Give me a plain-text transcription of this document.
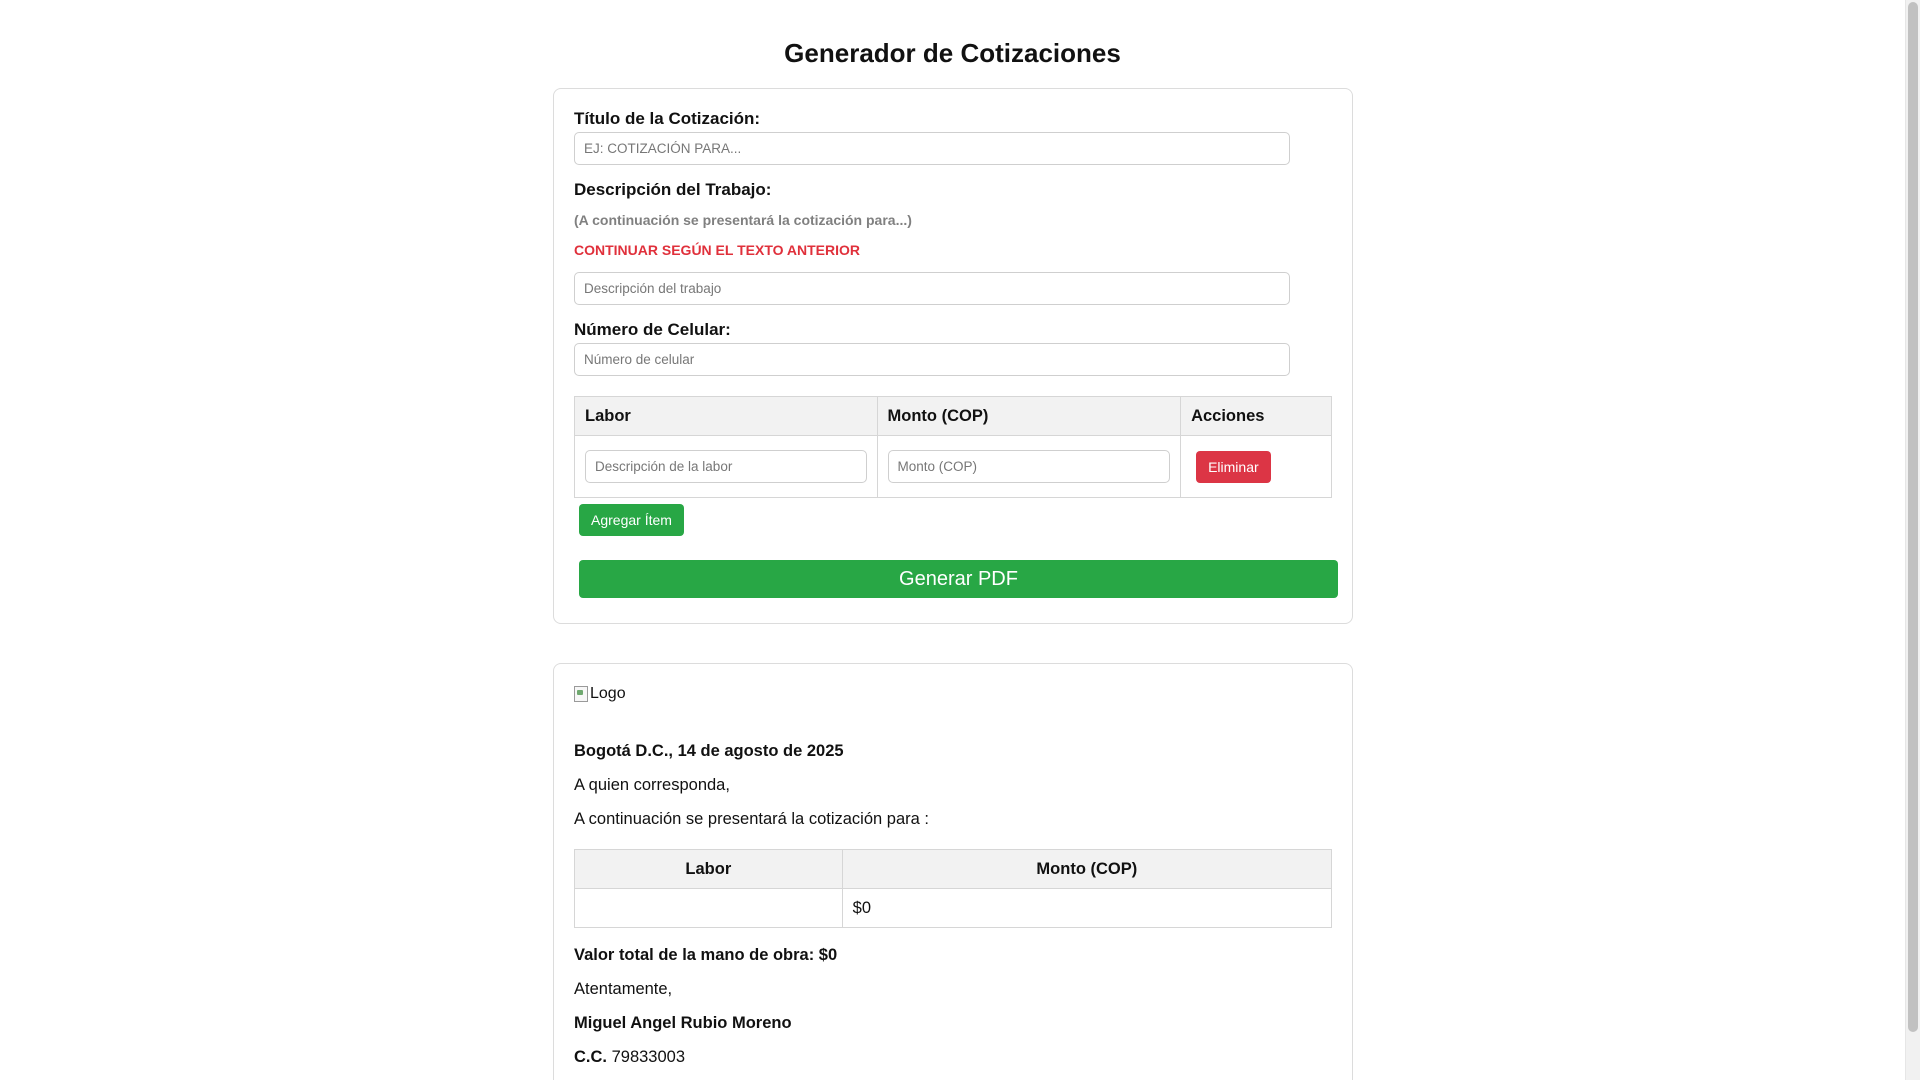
Generador de Cotizaciones
Título de la Cotización:
EJ: COTIZACIÓN PARA...
Descripción del Trabajo:
(A continuación se presentará la cotización para...)
CONTINUAR SEGÚN EL TEXTO ANTERIOR
Descripción del trabajo
Número de Celular:
Número de celular
Labor	Monto (COP)	Acciones
Descripción de la labor	Monto (COP)	Eliminar
Agregar Ítem
Generar PDF
Logo
Bogotá D.C., 14 de agosto de 2025
A quien corresponda,
A continuación se presentará la cotización para :
Labor	Monto (COP)
	$0
Valor total de la mano de obra: $0
Atentamente,
Miguel Angel Rubio Moreno
C.C. 79833003
